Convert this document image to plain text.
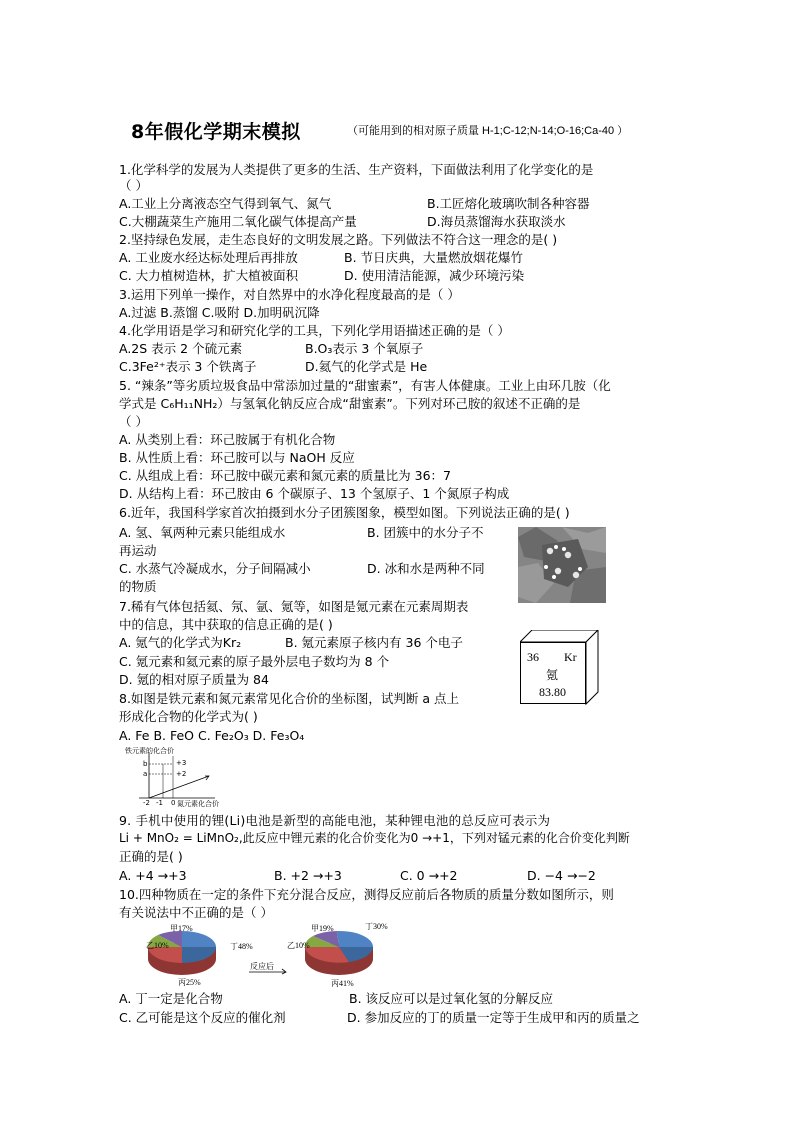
8年假化学期末模拟	（可能用到的相对原子质量 H-1;C-12;N-14;O-16;Ca-40 ）
1.化学科学的发展为人类提供了更多的生活、生产资料，下面做法利用了化学变化的是
（ ）
A.工业上分离液态空气得到氧气、氮气	B.工匠熔化玻璃吹制各种容器
C.大棚蔬菜生产施用二氧化碳气体提高产量	D.海员蒸馏海水获取淡水
2.坚持绿色发展，走生态良好的文明发展之路。下列做法不符合这一理念的是( )
A. 工业废水经达标处理后再排放	B. 节日庆典，大量燃放烟花爆竹
C. 大力植树造林，扩大植被面积	D. 使用清洁能源，减少环境污染
3.运用下列单一操作，对自然界中的水净化程度最高的是（ ）
A.过滤 B.蒸馏 C.吸附 D.加明矾沉降
4.化学用语是学习和研究化学的工具，下列化学用语描述正确的是（ ）
A.2S 表示 2 个硫元素	B.O₃表示 3 个氧原子
C.3Fe²⁺表示 3 个铁离子	D.氦气的化学式是 He
5. “辣条”等劣质垃圾食品中常添加过量的“甜蜜素”，有害人体健康。工业上由环几胺（化
学式是 C₆H₁₁NH₂）与氢氧化钠反应合成“甜蜜素”。下列对环己胺的叙述不正确的是
（ ）
A. 从类别上看：环己胺属于有机化合物
B. 从性质上看：环己胺可以与 NaOH 反应
C. 从组成上看：环己胺中碳元素和氮元素的质量比为 36：7
D. 从结构上看：环己胺由 6 个碳原子、13 个氢原子、1 个氮原子构成
6.近年，我国科学家首次拍摄到水分子团簇图象，模型如图。下列说法正确的是( )
A. 氢、氧两种元素只能组成水	B. 团簇中的水分子不
再运动
C. 水蒸气冷凝成水，分子间隔减小	D. 冰和水是两种不同
的物质
7.稀有气体包括氦、氖、氩、氪等，如图是氪元素在元素周期表
中的信息，其中获取的信息正确的是( )
A. 氪气的化学式为Kr₂	B. 氪元素原子核内有 36 个电子
C. 氪元素和氦元素的原子最外层电子数均为 8 个
D. 氪的相对原子质量为 84
36 Kr
氪
83.80
8.如图是铁元素和氮元素常见化合价的坐标图，试判断 a 点上
形成化合物的化学式为( )
A. Fe B. FeO C. Fe₂O₃ D. Fe₃O₄
铁元素的化合价
b
a
+3
+2
-2 -1 0 氮元素化合价
9. 手机中使用的锂(Li)电池是新型的高能电池，某种锂电池的总反应可表示为
Li + MnO₂ = LiMnO₂,此反应中锂元素的化合价变化为0 →+1，下列对锰元素的化合价变化判断
正确的是( )
A. +4 →+3	B. +2 →+3	C. 0 →+2	D. −4 →−2
10.四种物质在一定的条件下充分混合反应，测得反应前后各物质的质量分数如图所示，则
有关说法中不正确的是（ ）
甲17%
乙10%	丁48%
丙25%
反应后
甲19%
乙10%
丁30%
丙41%
A. 丁一定是化合物	B. 该反应可以是过氧化氢的分解反应
C. 乙可能是这个反应的催化剂	D. 参加反应的丁的质量一定等于生成甲和丙的质量之
